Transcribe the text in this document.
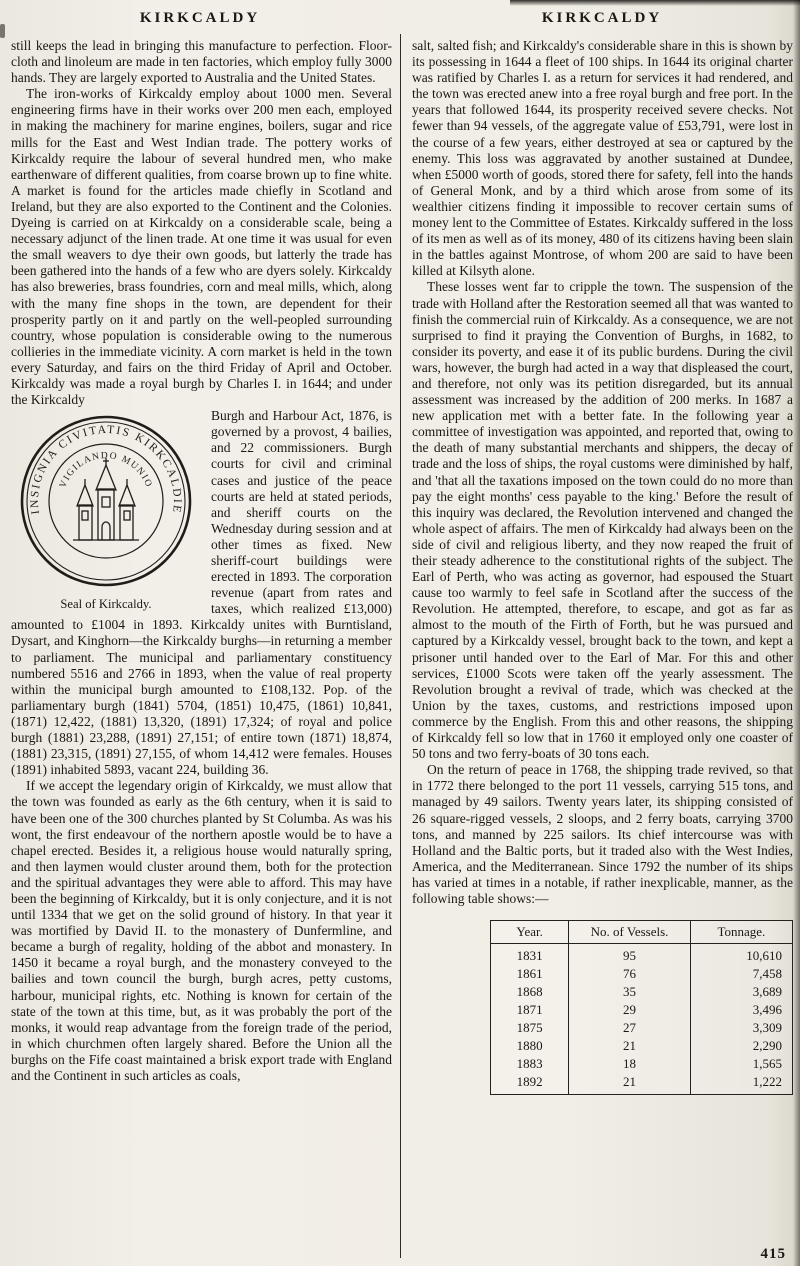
KIRKCALDY	KIRKCALDY

still keeps the lead in bringing this manufacture to perfection. Floor-cloth and linoleum are made in ten factories, which employ fully 3000 hands. They are largely exported to Australia and the United States.

The iron-works of Kirkcaldy employ about 1000 men. Several engineering firms have in their works over 200 men each, employed in making the machinery for marine engines, boilers, sugar and rice mills for the East and West Indian trade. The pottery works of Kirkcaldy require the labour of several hundred men, who make earthenware of different qualities, from coarse brown up to fine white. A market is found for the articles made chiefly in Scotland and Ireland, but they are also exported to the Continent and the Colonies. Dyeing is carried on at Kirkcaldy on a considerable scale, being a necessary adjunct of the linen trade. At one time it was usual for even the small weavers to dye their own goods, but latterly the trade has been gathered into the hands of a few who are dyers solely. Kirkcaldy has also breweries, brass foundries, corn and meal mills, which, along with the many fine shops in the town, are dependent for their prosperity partly on it and partly on the well-peopled surrounding country, whose population is considerable owing to the numerous collieries in the immediate vicinity. A corn market is held in the town every Saturday, and fairs on the third Friday of April and October. Kirkcaldy was made a royal burgh by Charles I. in 1644; and under the Kirkcaldy

INSIGNIA CIVITATIS KIRKCALDIE
VIGILANDO MUNIO
Seal of Kirkcaldy.

Burgh and Harbour Act, 1876, is governed by a provost, 4 bailies, and 22 commissioners. Burgh courts for civil and criminal cases and justice of the peace courts are held at stated periods, and sheriff courts on the Wednesday during session and at other times as fixed. New sheriff-court buildings were erected in 1893. The corporation revenue (apart from rates and taxes, which realized £13,000) amounted to £1004 in 1893. Kirkcaldy unites with Burntisland, Dysart, and Kinghorn—the Kirkcaldy burghs—in returning a member to parliament. The municipal and parliamentary constituency numbered 5516 and 2766 in 1893, when the value of real property within the municipal burgh amounted to £108,132. Pop. of the parliamentary burgh (1841) 5704, (1851) 10,475, (1861) 10,841, (1871) 12,422, (1881) 13,320, (1891) 17,324; of royal and police burgh (1881) 23,288, (1891) 27,151; of entire town (1871) 18,874, (1881) 23,315, (1891) 27,155, of whom 14,412 were females. Houses (1891) inhabited 5893, vacant 224, building 36.

If we accept the legendary origin of Kirkcaldy, we must allow that the town was founded as early as the 6th century, when it is said to have been one of the 300 churches planted by St Columba. As was his wont, the first endeavour of the northern apostle would be to have a chapel erected. Besides it, a religious house would naturally spring, and then laymen would cluster around them, both for the protection and the spiritual advantages they were able to afford. This may have been the beginning of Kirkcaldy, but it is only conjecture, and it is not until 1334 that we get on the solid ground of history. In that year it was mortified by David II. to the monastery of Dunfermline, and became a burgh of regality, holding of the abbot and monastery. In 1450 it became a royal burgh, and the monastery conveyed to the bailies and town council the burgh, burgh acres, petty customs, harbour, municipal rights, etc. Nothing is known for certain of the state of the town at this time, but, as it was probably the port of the monks, it would reap advantage from the foreign trade of the period, in which churchmen often largely shared. Before the Union all the burghs on the Fife coast maintained a brisk export trade with England and the Continent in such articles as coals,

salt, salted fish; and Kirkcaldy's considerable share in this is shown by its possessing in 1644 a fleet of 100 ships. In 1644 its original charter was ratified by Charles I. as a return for services it had rendered, and the town was erected anew into a free royal burgh and free port. In the years that followed 1644, its prosperity received severe checks. Not fewer than 94 vessels, of the aggregate value of £53,791, were lost in the course of a few years, either destroyed at sea or captured by the enemy. This loss was aggravated by another sustained at Dundee, when £5000 worth of goods, stored there for safety, fell into the hands of General Monk, and by a third which arose from some of its wealthier citizens finding it impossible to recover certain sums of money lent to the Committee of Estates. Kirkcaldy suffered in the loss of its men as well as of its money, 480 of its citizens having been slain in the battles against Montrose, of whom 200 are said to have been killed at Kilsyth alone.

These losses went far to cripple the town. The suspension of the trade with Holland after the Restoration seemed all that was wanted to finish the commercial ruin of Kirkcaldy. As a consequence, we are not surprised to find it praying the Convention of Burghs, in 1682, to consider its poverty, and ease it of its public burdens. During the civil wars, however, the burgh had acted in a way that displeased the court, and therefore, not only was its petition disregarded, but its annual assessment was increased by the addition of 200 merks. In 1687 a new application met with a better fate. In the following year a committee of investigation was appointed, and reported that, owing to the death of many substantial merchants and shippers, the decay of trade and the loss of ships, the royal customs were diminished by half, and 'that all the taxations imposed on the town could do no more than pay the eight months' cess payable to the king.' Before the result of this inquiry was declared, the Revolution intervened and changed the whole aspect of affairs. The men of Kirkcaldy had always been on the side of civil and religious liberty, and they now reaped the fruit of their steady adherence to the constitutional rights of the subject. The Earl of Perth, who was acting as governor, had espoused the Stuart cause too warmly to feel safe in Scotland after the success of the Revolution. He attempted, therefore, to escape, and got as far as almost to the mouth of the Firth of Forth, but he was pursued and captured by a Kirkcaldy vessel, brought back to the town, and kept a prisoner until handed over to the Earl of Mar. For this and other services, £1000 Scots were taken off the yearly assessment. The Revolution brought a revival of trade, which was checked at the Union by the taxes, customs, and restrictions imposed upon commerce by the English. From this and other reasons, the shipping of Kirkcaldy fell so low that in 1760 it employed only one coaster of 50 tons and two ferry-boats of 30 tons each.

On the return of peace in 1768, the shipping trade revived, so that in 1772 there belonged to the port 11 vessels, carrying 515 tons, and managed by 49 sailors. Twenty years later, its shipping consisted of 26 square-rigged vessels, 2 sloops, and 2 ferry boats, carrying 3700 tons, and manned by 225 sailors. Its chief intercourse was with Holland and the Baltic ports, but it traded also with the West Indies, America, and the Mediterranean. Since 1792 the number of its ships has varied at times in a notable, if rather inexplicable, manner, as the following table shows:—

Year.	No. of Vessels.	Tonnage.
1831	95	10,610
1861	76	7,458
1868	35	3,689
1871	29	3,496
1875	27	3,309
1880	21	2,290
1883	18	1,565
1892	21	1,222
415
